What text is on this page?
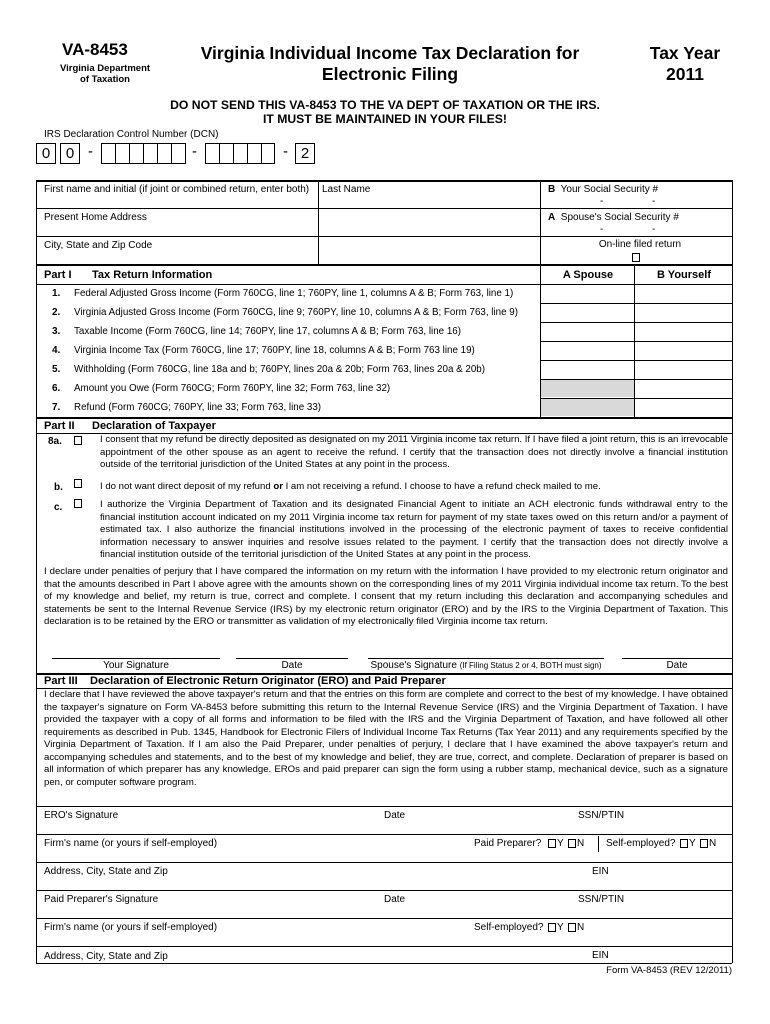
VA-8453
Virginia Department
of Taxation
Virginia Individual Income Tax Declaration for
Electronic Filing
Tax Year
2011
DO NOT SEND THIS VA-8453 TO THE VA DEPT OF TAXATION OR THE IRS.
IT MUST BE MAINTAINED IN YOUR FILES!
IRS Declaration Control Number (DCN)
0	0 -	-	- 2
First name and initial (if joint or combined return, enter both) Last Name	B Your Social Security #
-	-
Present Home Address	A Spouse's Social Security #
-	-
City, State and Zip Code	On-line filed return
Part I Tax Return Information	A Spouse	B Yourself
1. Federal Adjusted Gross Income (Form 760CG, line 1; 760PY, line 1, columns A & B; Form 763, line 1)
2. Virginia Adjusted Gross Income (Form 760CG, line 9; 760PY, line 10, columns A & B; Form 763, line 9)
3. Taxable Income (Form 760CG, line 14; 760PY, line 17, columns A & B; Form 763, line 16)
4. Virginia Income Tax (Form 760CG, line 17; 760PY, line 18, columns A & B; Form 763 line 19)
5. Withholding (Form 760CG, line 18a and b; 760PY, lines 20a & 20b; Form 763, lines 20a & 20b)
6. Amount you Owe (Form 760CG; Form 760PY, line 32; Form 763, line 32)
7. Refund (Form 760CG; 760PY, line 33; Form 763, line 33)
Part II Declaration of Taxpayer
8a.	I consent that my refund be directly deposited as designated on my 2011 Virginia income tax return. If I have filed a joint return, this is an irrevocable appointment of the other spouse as an agent to receive the refund. I certify that the transaction does not directly involve a financial institution outside of the territorial jurisdiction of the United States at any point in the process.
b.	I do not want direct deposit of my refund or I am not receiving a refund. I choose to have a refund check mailed to me.
c.	I authorize the Virginia Department of Taxation and its designated Financial Agent to initiate an ACH electronic funds withdrawal entry to the financial institution account indicated on my 2011 Virginia income tax return for payment of my state taxes owed on this return and/or a payment of estimated tax. I also authorize the financial institutions involved in the processing of the electronic payment of taxes to receive confidential information necessary to answer inquiries and resolve issues related to the payment. I certify that the transaction does not directly involve a financial institution outside of the territorial jurisdiction of the United States at any point in the process.
I declare under penalties of perjury that I have compared the information on my return with the information I have provided to my electronic return originator and that the amounts described in Part I above agree with the amounts shown on the corresponding lines of my 2011 Virginia individual income tax return. To the best of my knowledge and belief, my return is true, correct and complete. I consent that my return including this declaration and accompanying schedules and statements be sent to the Internal Revenue Service (IRS) by my electronic return originator (ERO) and by the IRS to the Virginia Department of Taxation. This declaration is to be retained by the ERO or transmitter as validation of my electronically filed Virginia income tax return.
Your Signature	Date	Spouse's Signature (If Filing Status 2 or 4, BOTH must sign)	Date
Part III Declaration of Electronic Return Originator (ERO) and Paid Preparer
I declare that I have reviewed the above taxpayer's return and that the entries on this form are complete and correct to the best of my knowledge. I have obtained the taxpayer's signature on Form VA-8453 before submitting this return to the Internal Revenue Service (IRS) and the Virginia Department of Taxation. I have provided the taxpayer with a copy of all forms and information to be filed with the IRS and the Virginia Department of Taxation, and have followed all other requirements as described in Pub. 1345, Handbook for Electronic Filers of Individual Income Tax Returns (Tax Year 2011) and any requirements specified by the Virginia Department of Taxation. If I am also the Paid Preparer, under penalties of perjury, I declare that I have examined the above taxpayer's return and accompanying schedules and statements, and to the best of my knowledge and belief, they are true, correct, and complete. Declaration of preparer is based on all information of which preparer has any knowledge. EROs and paid preparer can sign the form using a rubber stamp, mechanical device, such as a signature pen, or computer software program.
ERO's Signature	Date	SSN/PTIN
Firm's name (or yours if self-employed)	Paid Preparer? Y N Self-employed? Y N
Address, City, State and Zip	EIN
Paid Preparer's Signature	Date	SSN/PTIN
Firm's name (or yours if self-employed)	Self-employed? Y N
Address, City, State and Zip	EIN
Form VA-8453 (REV 12/2011)
